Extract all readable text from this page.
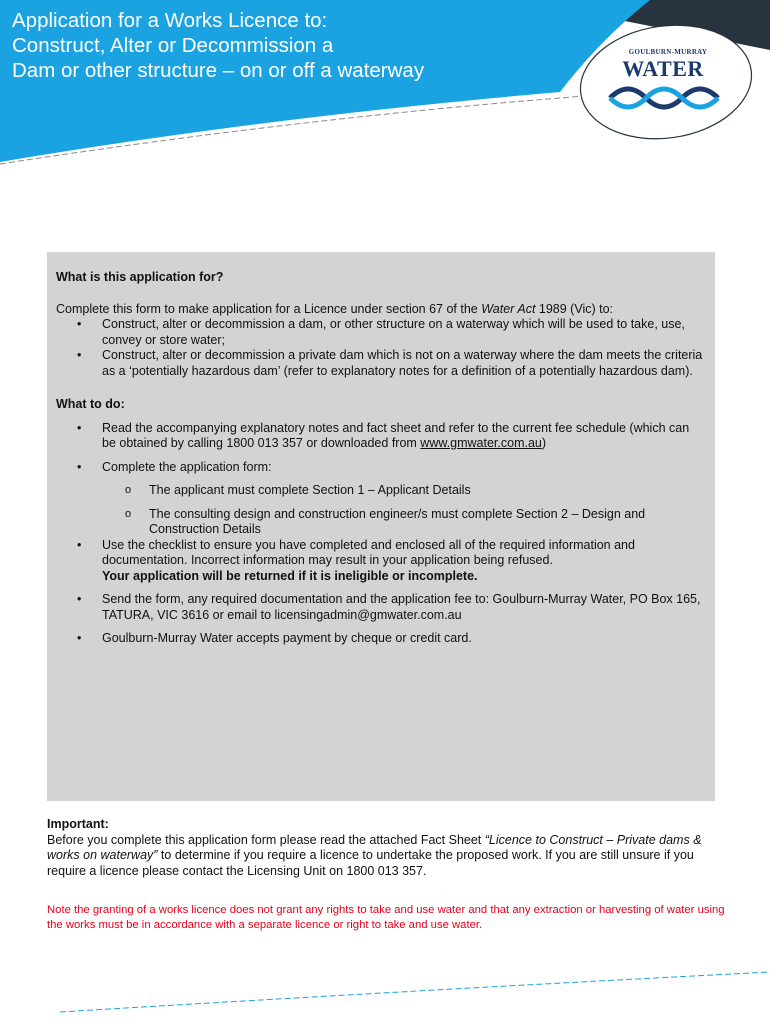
Application for a Works Licence to:
Construct, Alter or Decommission a
Dam or other structure – on or off a waterway
GOULBURN-MURRAY
WATER
What is this application for?

Complete this form to make application for a Licence under section 67 of the Water Act 1989 (Vic) to:

• Construct, alter or decommission a dam, or other structure on a waterway which will be used to take, use, convey or store water;
• Construct, alter or decommission a private dam which is not on a waterway where the dam meets the criteria as a ‘potentially hazardous dam’ (refer to explanatory notes for a definition of a potentially hazardous dam).
What to do:
• Read the accompanying explanatory notes and fact sheet and refer to the current fee schedule (which can be obtained by calling 1800 013 357 or downloaded from www.gmwater.com.au)
• Complete the application form:
o The applicant must complete Section 1 – Applicant Details
o The consulting design and construction engineer/s must complete Section 2 – Design and Construction Details
• Use the checklist to ensure you have completed and enclosed all of the required information and documentation. Incorrect information may result in your application being refused.
Your application will be returned if it is ineligible or incomplete.
• Send the form, any required documentation and the application fee to: Goulburn-Murray Water, PO Box 165, TATURA, VIC 3616 or email to licensingadmin@gmwater.com.au
• Goulburn-Murray Water accepts payment by cheque or credit card.

Important:

Before you complete this application form please read the attached Fact Sheet “Licence to Construct – Private dams & works on waterway” to determine if you require a licence to undertake the proposed work. If you are still unsure if you require a licence please contact the Licensing Unit on 1800 013 357.

Note the granting of a works licence does not grant any rights to take and use water and that any extraction or harvesting of water using the works must be in accordance with a separate licence or right to take and use water.
